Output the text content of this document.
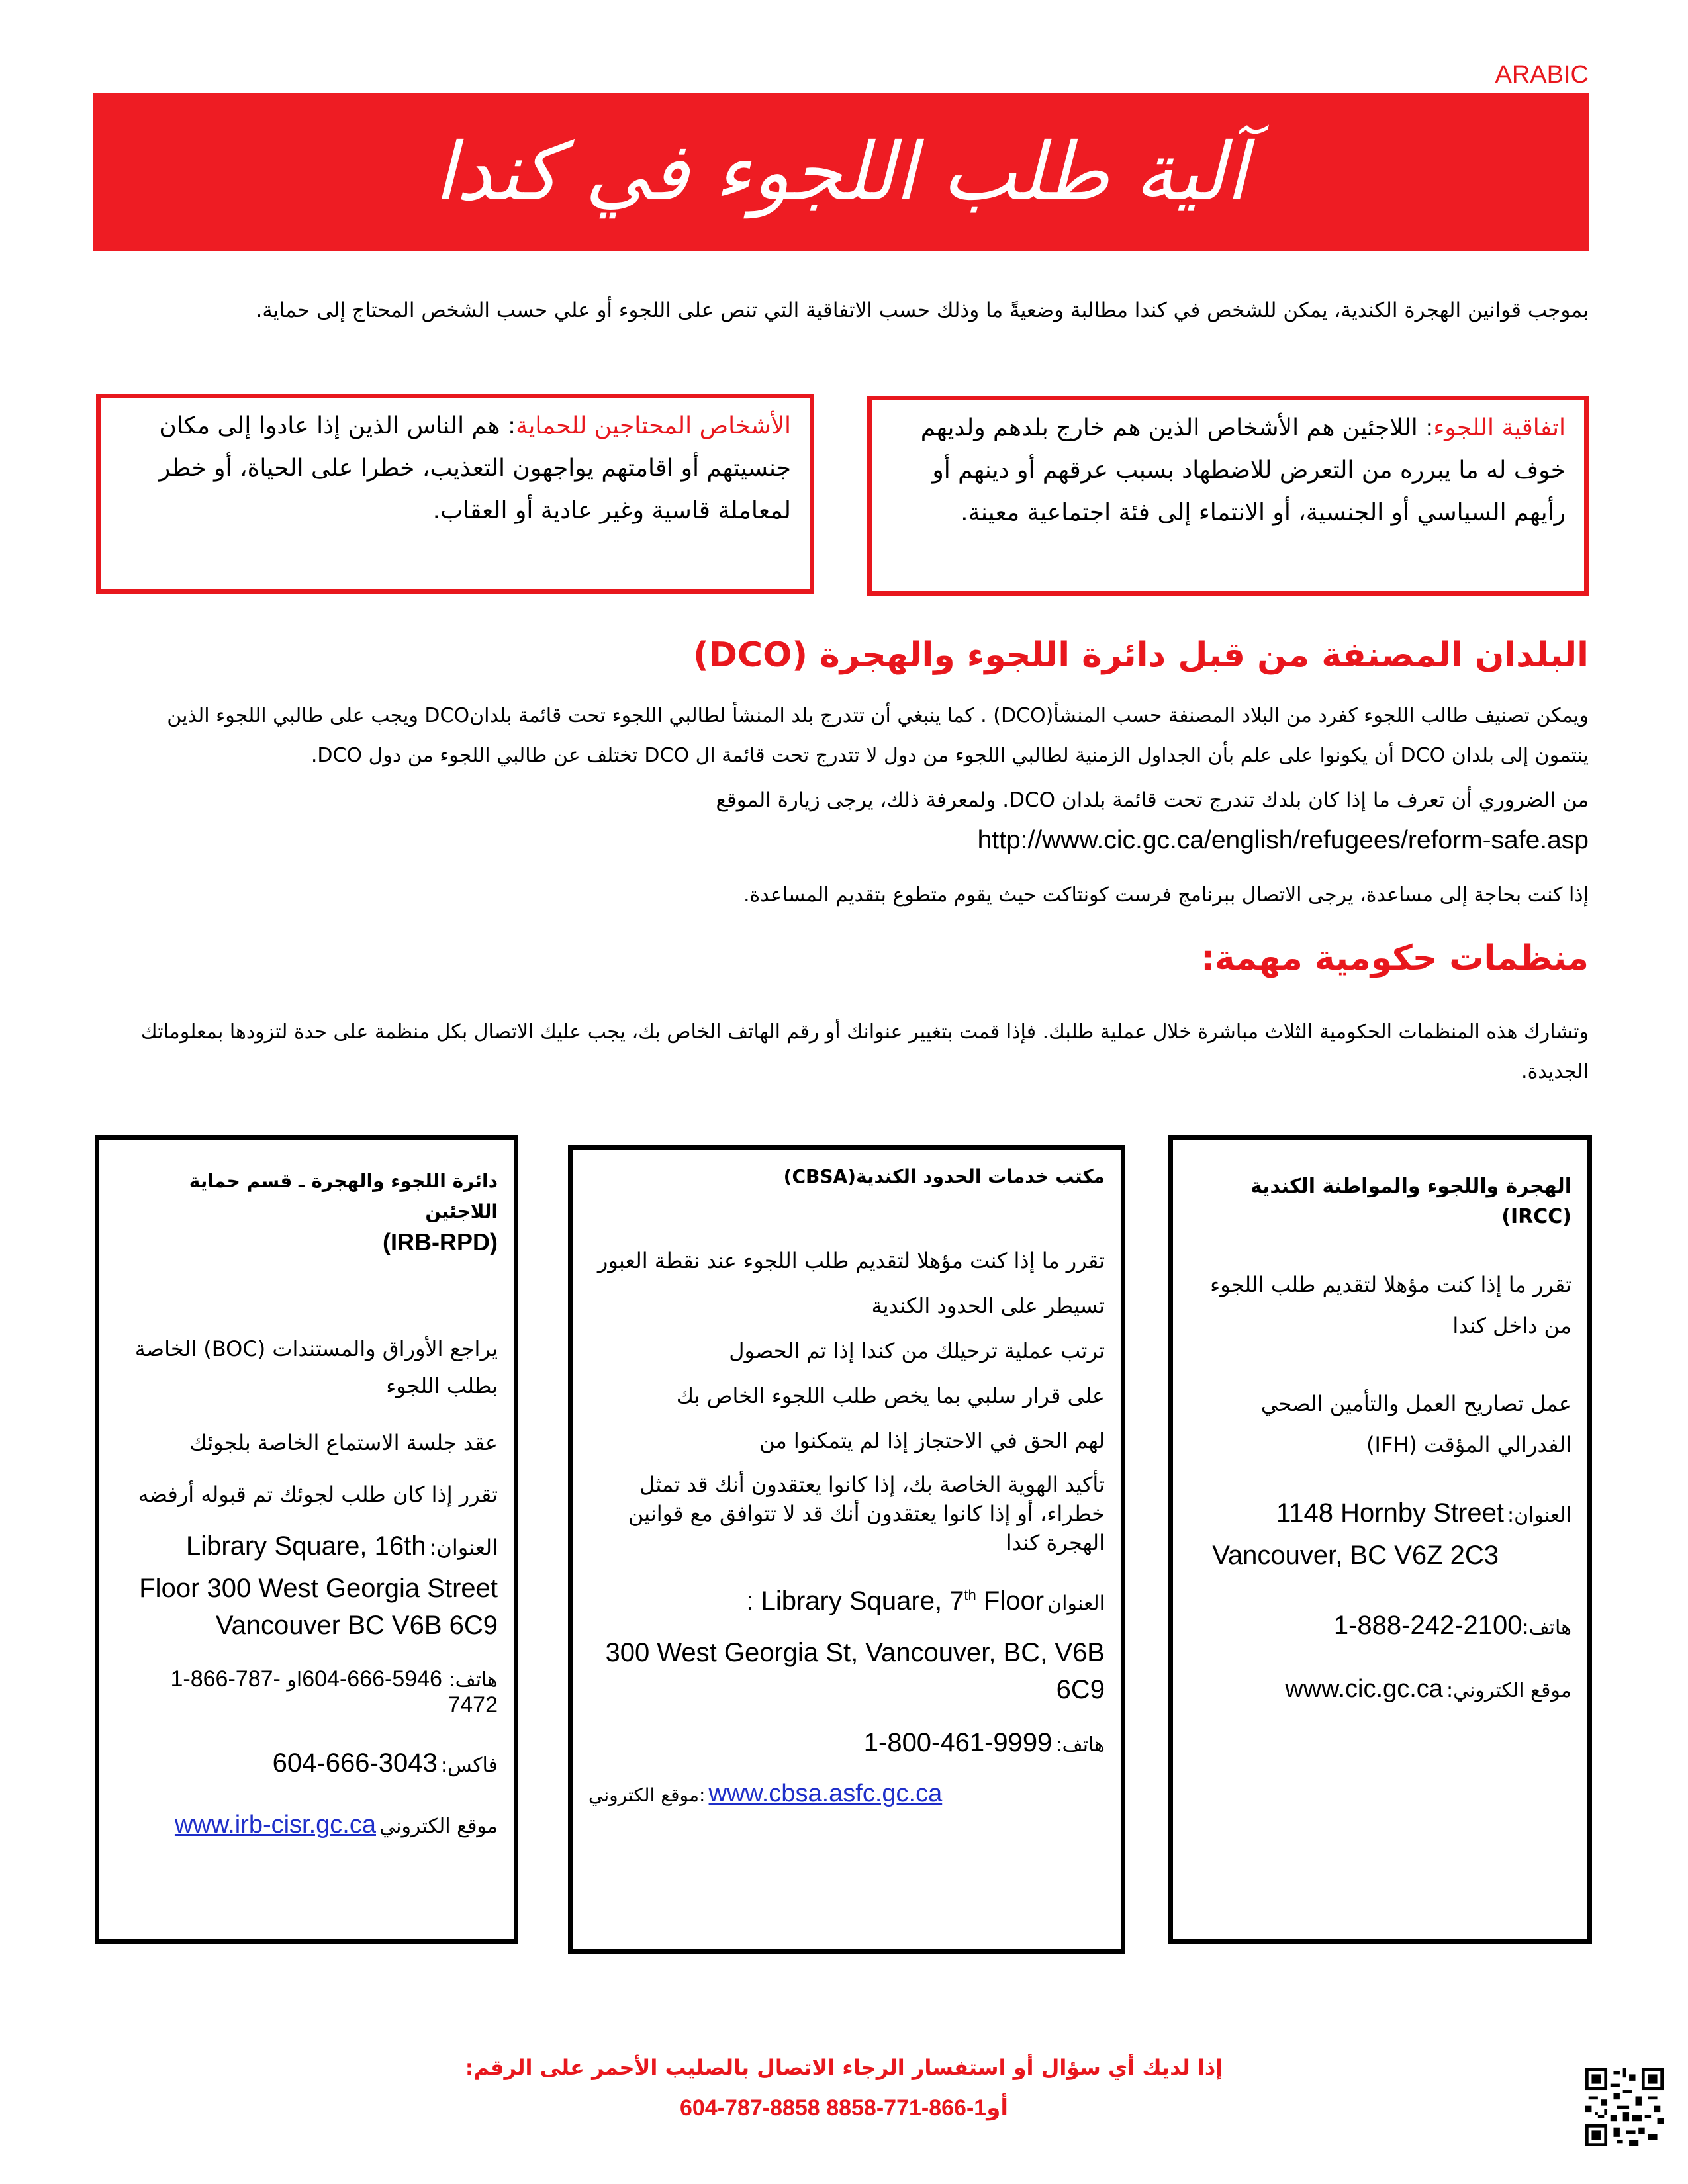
ARABIC
آلية طلب اللجوء في كندا
بموجب قوانين الهجرة الكندية، يمكن للشخص في كندا مطالبة وضعيةً ما وذلك حسب الاتفاقية التي تنص على اللجوء أو علي حسب الشخص المحتاج إلى حماية.
اتفاقية اللجوء: اللاجئين هم الأشخاص الذين هم خارج بلدهم ولديهم خوف له ما يبرره من التعرض للاضطهاد بسبب عرقهم أو دينهم أو رأيهم السياسي أو الجنسية، أو الانتماء إلى فئة اجتماعية معينة.
الأشخاص المحتاجين للحماية: هم الناس الذين إذا عادوا إلى مكان جنسيتهم أو اقامتهم يواجهون التعذيب، خطرا على الحياة، أو خطر لمعاملة قاسية وغير عادية أو العقاب.
البلدان المصنفة من قبل دائرة اللجوء والهجرة (DCO)
ويمكن تصنيف طالب اللجوء كفرد من البلاد المصنفة حسب المنشأ(DCO) . كما ينبغي أن تتدرج بلد المنشأ لطالبي اللجوء تحت قائمة بلدانDCO ويجب على طالبي اللجوء الذين ينتمون إلى بلدان DCO أن يكونوا على علم بأن الجداول الزمنية لطالبي اللجوء من دول لا تتدرج تحت قائمة ال DCO تختلف عن طالبي اللجوء من دول DCO.
من الضروري أن تعرف ما إذا كان بلدك تندرج تحت قائمة بلدان DCO. ولمعرفة ذلك، يرجى زيارة الموقع
http://www.cic.gc.ca/english/refugees/reform-safe.asp
إذا كنت بحاجة إلى مساعدة، يرجى الاتصال ببرنامج فرست كونتاكت حيث يقوم متطوع بتقديم المساعدة.
منظمات حكومية مهمة:
وتشارك هذه المنظمات الحكومية الثلاث مباشرة خلال عملية طلبك. فإذا قمت بتغيير عنوانك أو رقم الهاتف الخاص بك، يجب عليك الاتصال بكل منظمة على حدة لتزودها بمعلوماتك الجديدة.
دائرة اللجوء والهجرة ـ قسم حماية اللاجئين
(IRB-RPD)
يراجع الأوراق والمستندات (BOC) الخاصة بطلب اللجوء
عقد جلسة الاستماع الخاصة بلجوئك
تقرر إذا كان طلب لجوئك تم قبوله أرفضه
العنوان: Library Square, 16th
Floor 300 West Georgia Street
Vancouver BC V6B 6C9
هاتف: 604-666-5946او 1-866-787-
7472
فاكس: 604-666-3043
موقع الكتروني www.irb-cisr.gc.ca
مكتب خدمات الحدود الكندية(CBSA)
تقرر ما إذا كنت مؤهلا لتقديم طلب اللجوء عند نقطة العبور
تسيطر على الحدود الكندية
ترتب عملية ترحيلك من كندا إذا تم الحصول
على قرار سلبي بما يخص طلب اللجوء الخاص بك
لهم الحق في الاحتجاز إذا لم يتمكنوا من
تأكيد الهوية الخاصة بك، إذا كانوا يعتقدون أنك قد تمثل خطراء، أو إذا كانوا يعتقدون أنك قد لا تتوافق مع قوانين الهجرة كندا
العنوان : Library Square, 7th Floor
300 West Georgia St, Vancouver, BC, V6B
6C9
هاتف: 1-800-461-9999
موقع الكتروني: www.cbsa.asfc.gc.ca
الهجرة واللجوء والمواطنة الكندية (IRCC)
تقرر ما إذا كنت مؤهلا لتقديم طلب اللجوء من داخل كندا
عمل تصاريح العمل والتأمين الصحي الفدرالي المؤقت (IFH)
العنوان: 1148 Hornby Street
Vancouver, BC V6Z 2C3
هاتف:1-888-242-2100
موقع الكتروني: www.cic.gc.ca
إذا لديك أي سؤال أو استفسار الرجاء الاتصال بالصليب الأحمر على الرقم:
604-787-8858	أو1-866-771-8858
